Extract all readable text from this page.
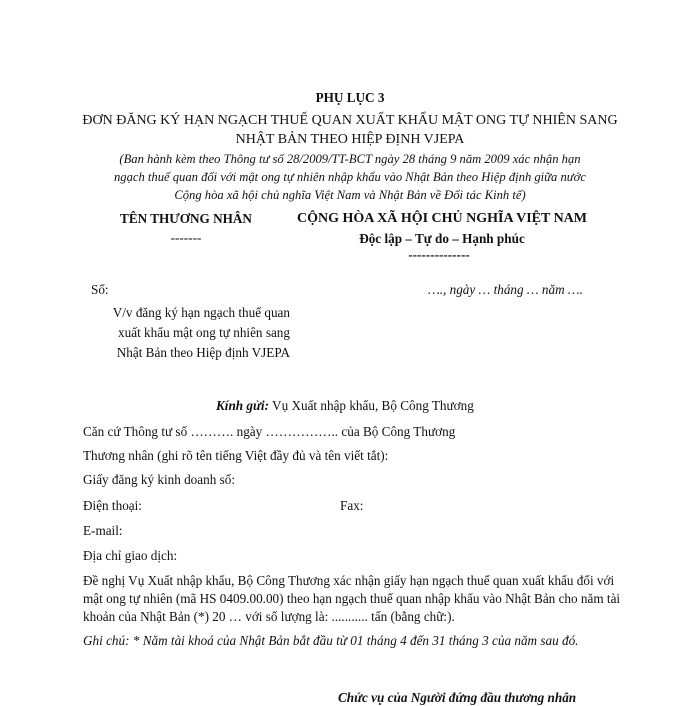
PHỤ LỤC 3
ĐƠN ĐĂNG KÝ HẠN NGẠCH THUẾ QUAN XUẤT KHẨU MẬT ONG TỰ NHIÊN SANG
NHẬT BẢN THEO HIỆP ĐỊNH VJEPA
(Ban hành kèm theo Thông tư số 28/2009/TT-BCT ngày 28 tháng 9 năm 2009 xác nhận hạn
ngạch thuế quan đối với mật ong tự nhiên nhập khẩu vào Nhật Bản theo Hiệp định giữa nước
Cộng hòa xã hội chủ nghĩa Việt Nam và Nhật Bản về Đối tác Kinh tế)
TÊN THƯƠNG NHÂN
-------
CỘNG HÒA XÃ HỘI CHỦ NGHĨA VIỆT NAM
Độc lập – Tự do – Hạnh phúc
--------------
Số:	…., ngày … tháng … năm ….
V/v đăng ký hạn ngạch thuế quan
xuất khẩu mật ong tự nhiên sang
Nhật Bản theo Hiệp định VJEPA
Kính gửi: Vụ Xuất nhập khẩu, Bộ Công Thương
Căn cứ Thông tư số ………. ngày …………….. của Bộ Công Thương
Thương nhân (ghi rõ tên tiếng Việt đầy đủ và tên viết tắt):
Giấy đăng ký kinh doanh số:
Điện thoại:	Fax:
E-mail:
Địa chỉ giao dịch:
Đề nghị Vụ Xuất nhập khẩu, Bộ Công Thương xác nhận giấy hạn ngạch thuế quan xuất khẩu đối với mật ong tự nhiên (mã HS 0409.00.00) theo hạn ngạch thuế quan nhập khẩu vào Nhật Bản cho năm tài khoản của Nhật Bản (*) 20 … với số lượng là: ........... tấn (bằng chữ:).
Ghi chú: * Năm tài khoá của Nhật Bản bắt đầu từ 01 tháng 4 đến 31 tháng 3 của năm sau đó.
Chức vụ của Người đứng đầu thương nhân
